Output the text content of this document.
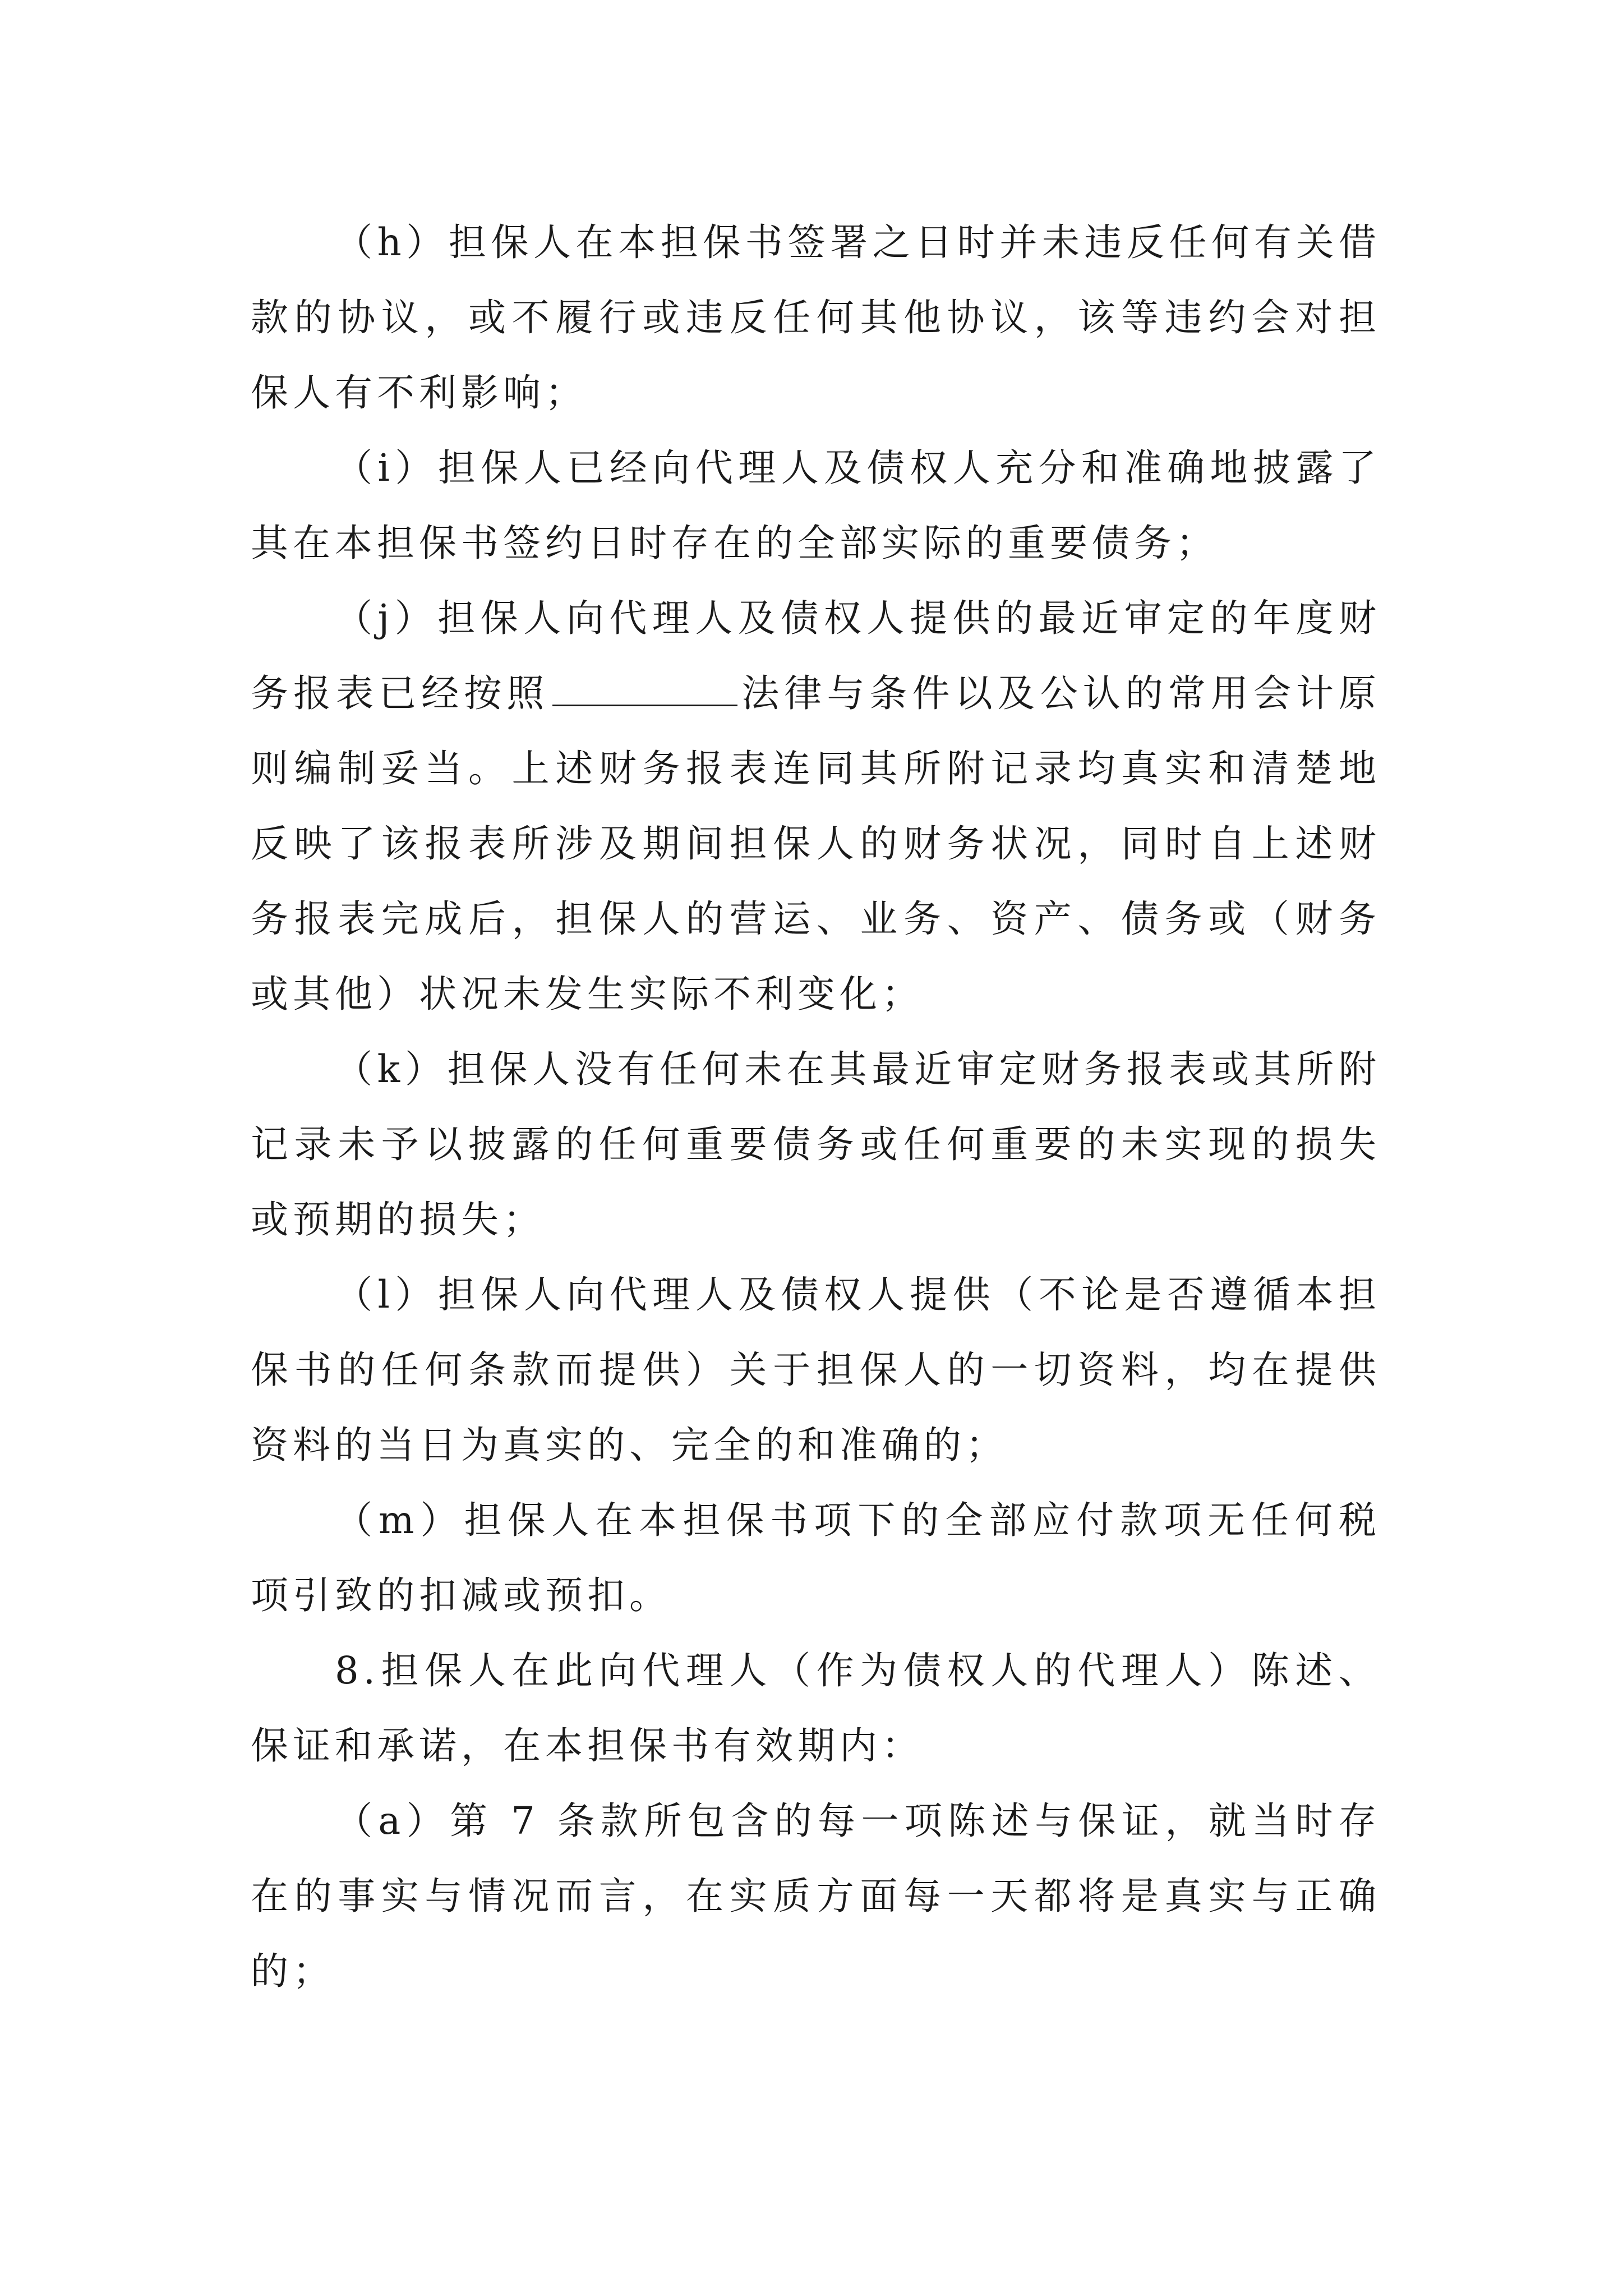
（h）担保人在本担保书签署之日时并未违反任何有关借款的协议，或不履行或违反任何其他协议，该等违约会对担保人有不利影响；

（i）担保人已经向代理人及债权人充分和准确地披露了其在本担保书签约日时存在的全部实际的重要债务；

（j）担保人向代理人及债权人提供的最近审定的年度财务报表已经按照	法律与条件以及公认的常用会计原则编制妥当。上述财务报表连同其所附记录均真实和清楚地反映了该报表所涉及期间担保人的财务状况，同时自上述财务报表完成后，担保人的营运、业务、资产、债务或（财务或其他）状况未发生实际不利变化；

（k）担保人没有任何未在其最近审定财务报表或其所附记录未予以披露的任何重要债务或任何重要的未实现的损失或预期的损失；

（l）担保人向代理人及债权人提供（不论是否遵循本担保书的任何条款而提供）关于担保人的一切资料，均在提供资料的当日为真实的、完全的和准确的；

（m）担保人在本担保书项下的全部应付款项无任何税项引致的扣减或预扣。

8.担保人在此向代理人（作为债权人的代理人）陈述、保证和承诺，在本担保书有效期内：

（a）第 7 条款所包含的每一项陈述与保证，就当时存在的事实与情况而言，在实质方面每一天都将是真实与正确的；
